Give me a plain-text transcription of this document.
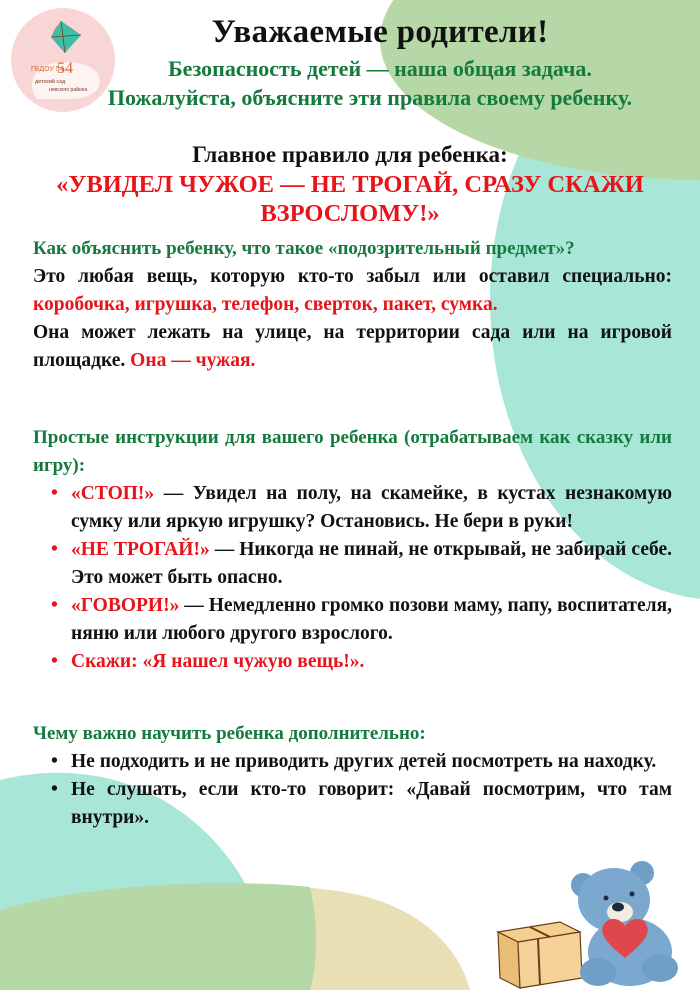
ГБДОУ 54
54
детский сад
невского района
Уважаемые родители!
Безопасность детей — наша общая задача.
Пожалуйста, объясните эти правила своему ребенку.
Главное правило для ребенка:
«УВИДЕЛ ЧУЖОЕ — НЕ ТРОГАЙ, СРАЗУ СКАЖИ ВЗРОСЛОМУ!»
Как объяснить ребенку, что такое «подозрительный предмет»?
Это любая вещь, которую кто-то забыл или оставил специально: коробочка, игрушка, телефон, сверток, пакет, сумка.
Она может лежать на улице, на территории сада или на игровой площадке. Она — чужая.
Простые инструкции для вашего ребенка (отрабатываем как сказку или игру):
• «СТОП!» — Увидел на полу, на скамейке, в кустах незнакомую сумку или яркую игрушку? Остановись. Не бери в руки!
• «НЕ ТРОГАЙ!» — Никогда не пинай, не открывай, не забирай себе. Это может быть опасно.
• «ГОВОРИ!» — Немедленно громко позови маму, папу, воспитателя, няню или любого другого взрослого.
• Скажи: «Я нашел чужую вещь!».
Чему важно научить ребенка дополнительно:
• Не подходить и не приводить других детей посмотреть на находку.
• Не слушать, если кто-то говорит: «Давай посмотрим, что там внутри».
